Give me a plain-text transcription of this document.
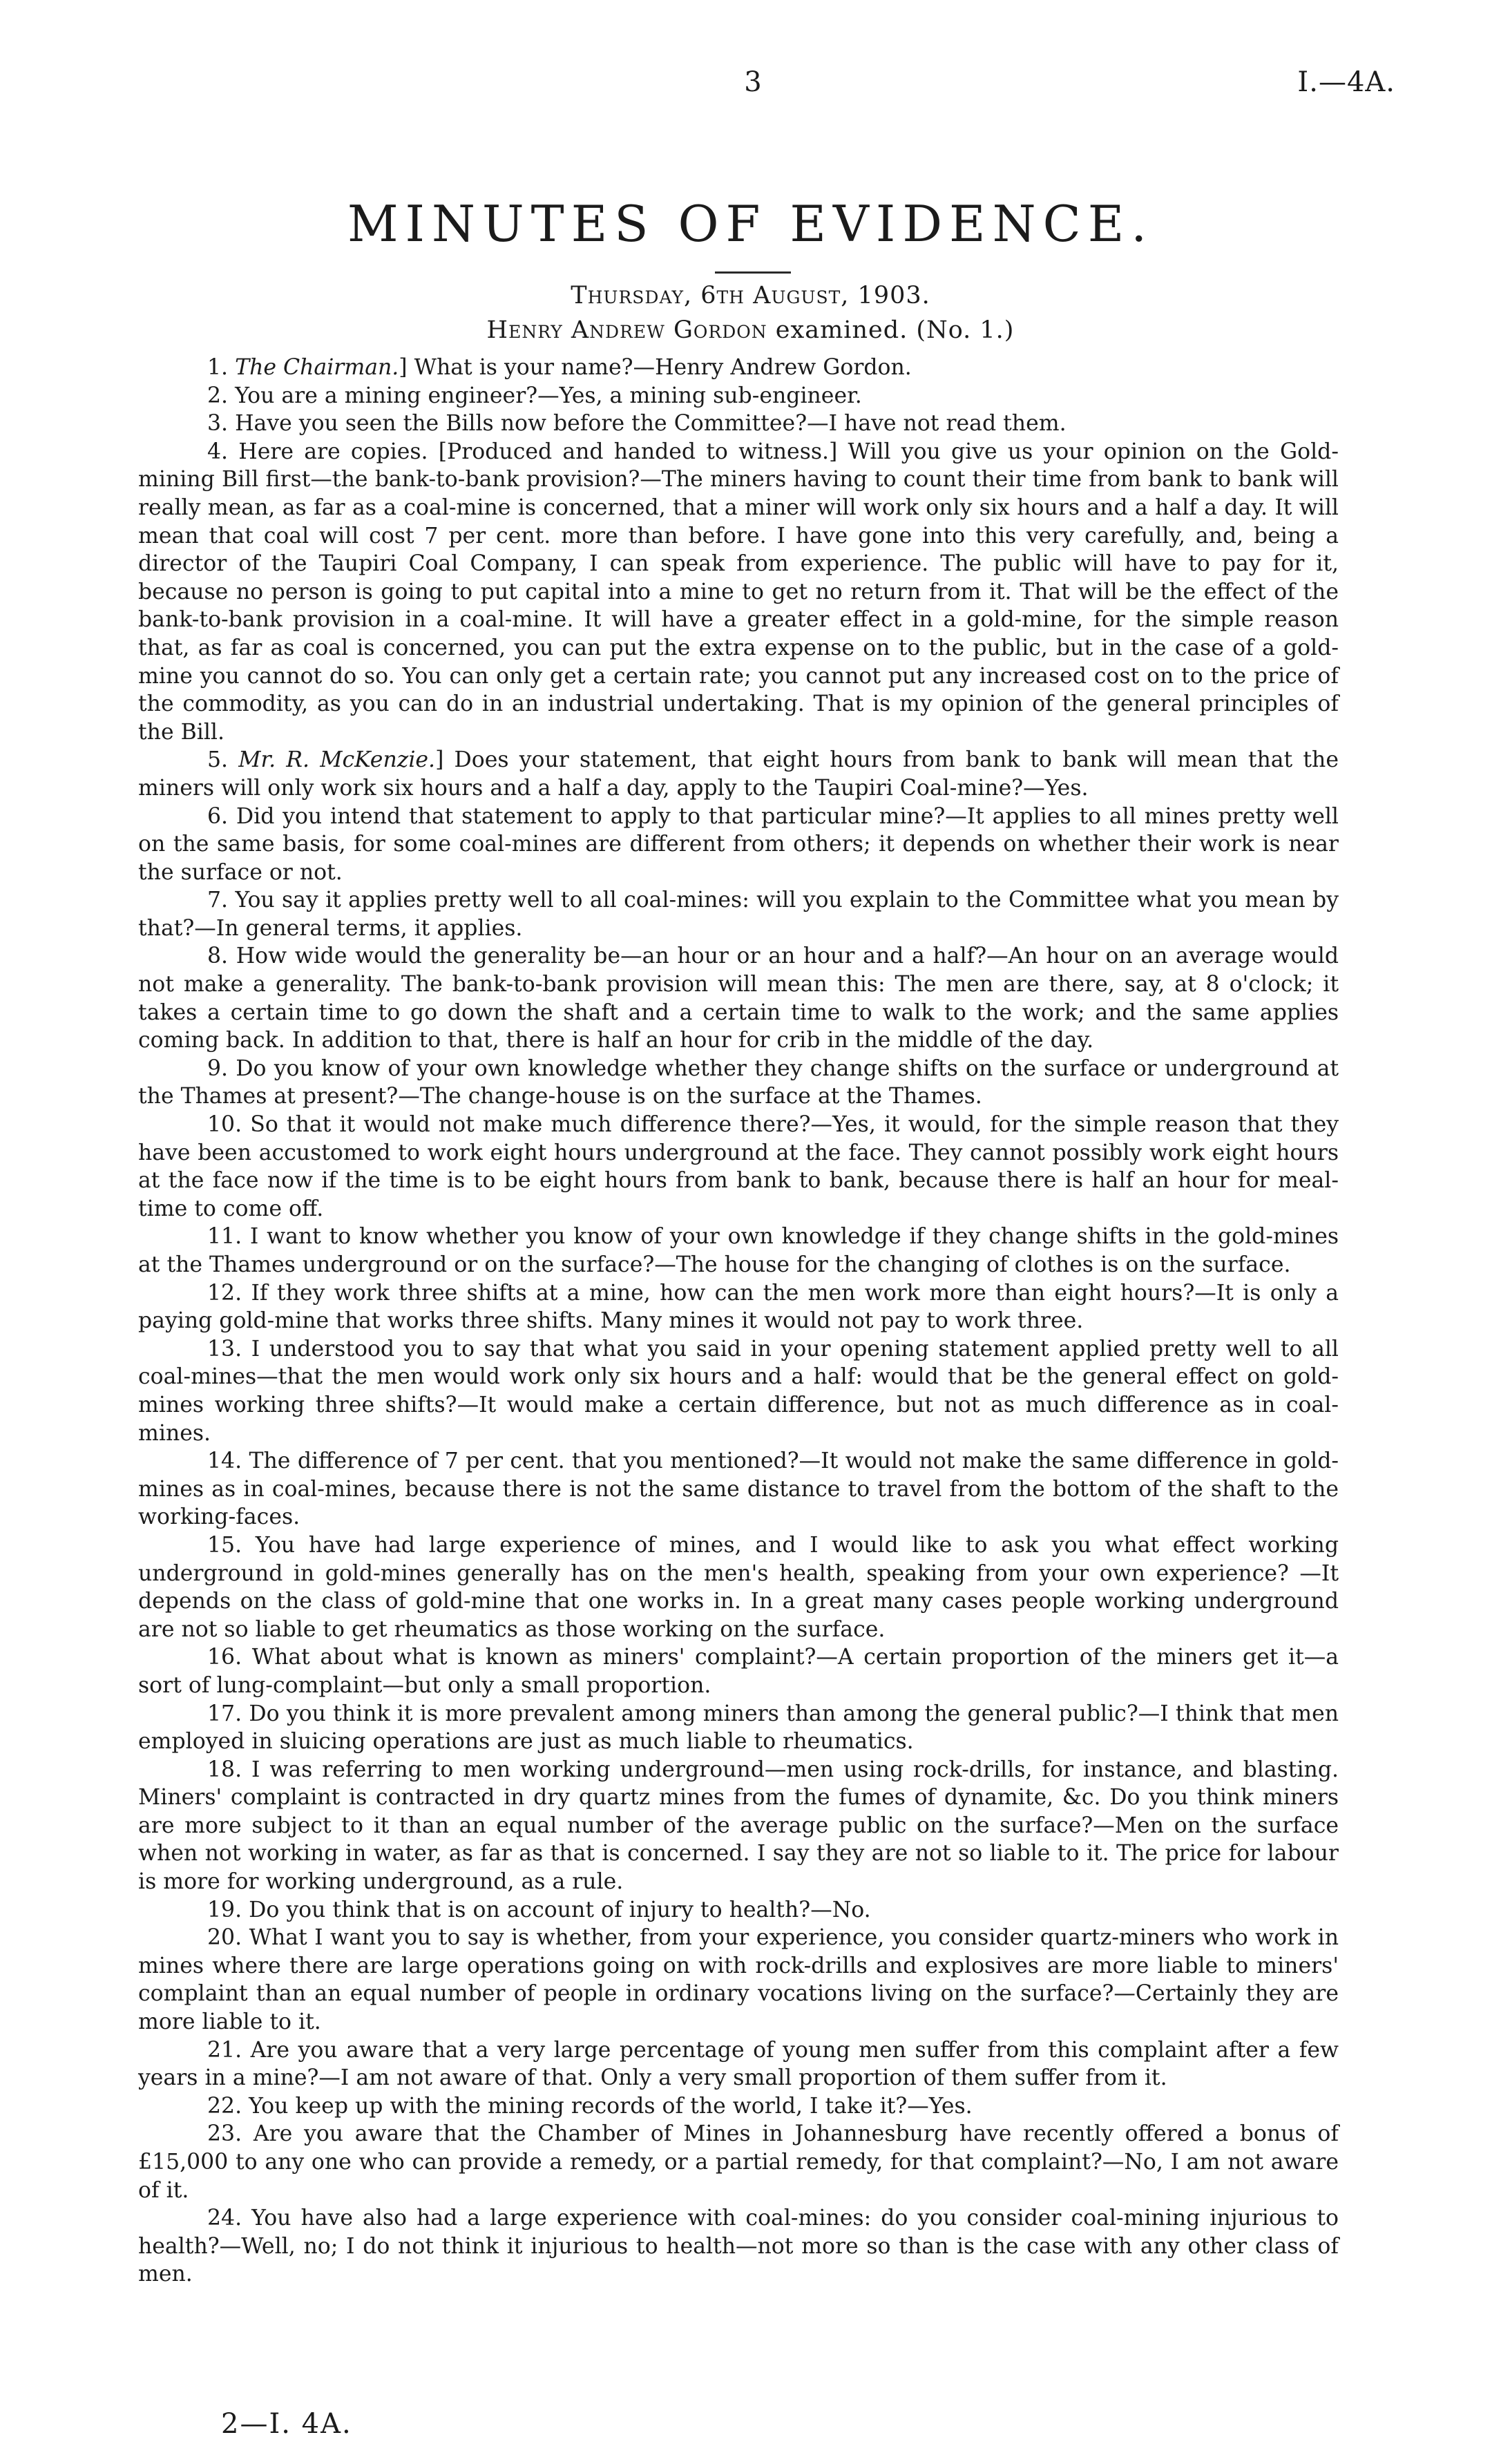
3	I.—4A.
MINUTES OF EVIDENCE.
Thursday, 6th August, 1903.
Henry Andrew Gordon examined. (No. 1.)

1. The Chairman.] What is your name?—Henry Andrew Gordon.

2. You are a mining engineer?—Yes, a mining sub-engineer.

3. Have you seen the Bills now before the Committee?—I have not read them.

4. Here are copies. [Produced and handed to witness.] Will you give us your opinion on the Gold-mining Bill first—the bank-to-bank provision?—The miners having to count their time from bank to bank will really mean, as far as a coal-mine is concerned, that a miner will work only six hours and a half a day. It will mean that coal will cost 7 per cent. more than before. I have gone into this very carefully, and, being a director of the Taupiri Coal Company, I can speak from experience. The public will have to pay for it, because no person is going to put capital into a mine to get no return from it. That will be the effect of the bank-to-bank provision in a coal-mine. It will have a greater effect in a gold-mine, for the simple reason that, as far as coal is concerned, you can put the extra expense on to the public, but in the case of a gold-mine you cannot do so. You can only get a certain rate; you cannot put any increased cost on to the price of the commodity, as you can do in an industrial undertaking. That is my opinion of the general principles of the Bill.

5. Mr. R. McKenzie.] Does your statement, that eight hours from bank to bank will mean that the miners will only work six hours and a half a day, apply to the Taupiri Coal-mine?—Yes.

6. Did you intend that statement to apply to that particular mine?—It applies to all mines pretty well on the same basis, for some coal-mines are different from others; it depends on whether their work is near the surface or not.

7. You say it applies pretty well to all coal-mines: will you explain to the Committee what you mean by that?—In general terms, it applies.

8. How wide would the generality be—an hour or an hour and a half?—An hour on an average would not make a generality. The bank-to-bank provision will mean this: The men are there, say, at 8 o'clock; it takes a certain time to go down the shaft and a certain time to walk to the work; and the same applies coming back. In addition to that, there is half an hour for crib in the middle of the day.

9. Do you know of your own knowledge whether they change shifts on the surface or underground at the Thames at present?—The change-house is on the surface at the Thames.

10. So that it would not make much difference there?—Yes, it would, for the simple reason that they have been accustomed to work eight hours underground at the face. They cannot possibly work eight hours at the face now if the time is to be eight hours from bank to bank, because there is half an hour for meal-time to come off.

11. I want to know whether you know of your own knowledge if they change shifts in the gold-mines at the Thames underground or on the surface?—The house for the changing of clothes is on the surface.

12. If they work three shifts at a mine, how can the men work more than eight hours?—It is only a paying gold-mine that works three shifts. Many mines it would not pay to work three.

13. I understood you to say that what you said in your opening statement applied pretty well to all coal-mines—that the men would work only six hours and a half: would that be the general effect on gold-mines working three shifts?—It would make a certain difference, but not as much difference as in coal-mines.

14. The difference of 7 per cent. that you mentioned?—It would not make the same difference in gold-mines as in coal-mines, because there is not the same distance to travel from the bottom of the shaft to the working-faces.

15. You have had large experience of mines, and I would like to ask you what effect working underground in gold-mines generally has on the men's health, speaking from your own experience? —It depends on the class of gold-mine that one works in. In a great many cases people working underground are not so liable to get rheumatics as those working on the surface.

16. What about what is known as miners' complaint?—A certain proportion of the miners get it—a sort of lung-complaint—but only a small proportion.

17. Do you think it is more prevalent among miners than among the general public?—I think that men employed in sluicing operations are just as much liable to rheumatics.

18. I was referring to men working underground—men using rock-drills, for instance, and blasting. Miners' complaint is contracted in dry quartz mines from the fumes of dynamite, &c. Do you think miners are more subject to it than an equal number of the average public on the surface?—Men on the surface when not working in water, as far as that is concerned. I say they are not so liable to it. The price for labour is more for working underground, as a rule.

19. Do you think that is on account of injury to health?—No.

20. What I want you to say is whether, from your experience, you consider quartz-miners who work in mines where there are large operations going on with rock-drills and explosives are more liable to miners' complaint than an equal number of people in ordinary vocations living on the surface?—Certainly they are more liable to it.

21. Are you aware that a very large percentage of young men suffer from this complaint after a few years in a mine?—I am not aware of that. Only a very small proportion of them suffer from it.

22. You keep up with the mining records of the world, I take it?—Yes.

23. Are you aware that the Chamber of Mines in Johannesburg have recently offered a bonus of £15,000 to any one who can provide a remedy, or a partial remedy, for that complaint?—No, I am not aware of it.

24. You have also had a large experience with coal-mines: do you consider coal-mining injurious to health?—Well, no; I do not think it injurious to health—not more so than is the case with any other class of men.

2—I. 4A.
